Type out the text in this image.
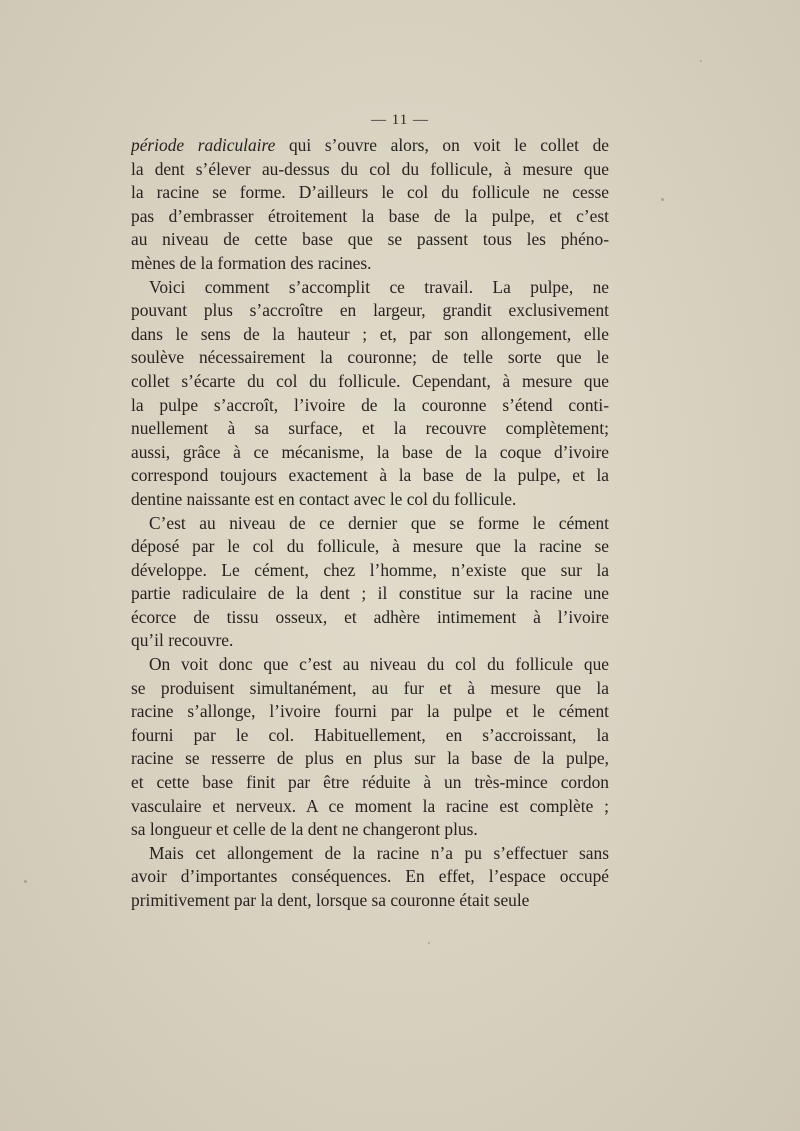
— 11 —
période radiculaire qui s’ouvre alors, on voit le collet de
la dent s’élever au-dessus du col du follicule, à mesure que
la racine se forme. D’ailleurs le col du follicule ne cesse
pas d’embrasser étroitement la base de la pulpe, et c’est
au niveau de cette base que se passent tous les phéno-
mènes de la formation des racines.
Voici comment s’accomplit ce travail. La pulpe, ne
pouvant plus s’accroître en largeur, grandit exclusivement
dans le sens de la hauteur ; et, par son allongement, elle
soulève nécessairement la couronne; de telle sorte que le
collet s’écarte du col du follicule. Cependant, à mesure que
la pulpe s’accroît, l’ivoire de la couronne s’étend conti-
nuellement à sa surface, et la recouvre complètement;
aussi, grâce à ce mécanisme, la base de la coque d’ivoire
correspond toujours exactement à la base de la pulpe, et la
dentine naissante est en contact avec le col du follicule.
C’est au niveau de ce dernier que se forme le cément
déposé par le col du follicule, à mesure que la racine se
développe. Le cément, chez l’homme, n’existe que sur la
partie radiculaire de la dent ; il constitue sur la racine une
écorce de tissu osseux, et adhère intimement à l’ivoire
qu’il recouvre.
On voit donc que c’est au niveau du col du follicule que
se produisent simultanément, au fur et à mesure que la
racine s’allonge, l’ivoire fourni par la pulpe et le cément
fourni par le col. Habituellement, en s’accroissant, la
racine se resserre de plus en plus sur la base de la pulpe,
et cette base finit par être réduite à un très-mince cordon
vasculaire et nerveux. A ce moment la racine est complète ;
sa longueur et celle de la dent ne changeront plus.
Mais cet allongement de la racine n’a pu s’effectuer sans
avoir d’importantes conséquences. En effet, l’espace occupé
primitivement par la dent, lorsque sa couronne était seule
